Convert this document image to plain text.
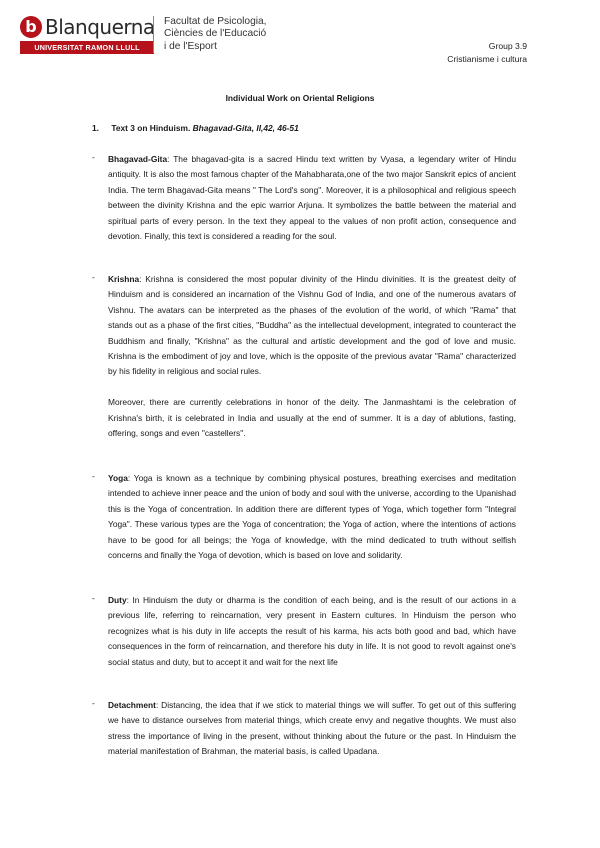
b Blanquerna
UNIVERSITAT RAMON LLULL
Facultat de Psicologia,
Ciències de l'Educació
i de l'Esport	Group 3.9
Cristianisme i cultura
Individual Work on Oriental Religions
1. Text 3 on Hinduism. Bhagavad-Gita, II,42, 46-51
- Bhagavad-Gita: The bhagavad-gita is a sacred Hindu text written by Vyasa, a legendary writer of Hindu antiquity. It is also the most famous chapter of the Mahabharata,one of the two major Sanskrit epics of ancient India. The term Bhagavad-Gita means " The Lord's song". Moreover, it is a philosophical and religious speech between the divinity Krishna and the epic warrior Arjuna. It symbolizes the battle between the material and spiritual parts of every person. In the text they appeal to the values of non profit action, consequence and devotion. Finally, this text is considered a reading for the soul.
- Krishna: Krishna is considered the most popular divinity of the Hindu divinities. It is the greatest deity of Hinduism and is considered an incarnation of the Vishnu God of India, and one of the numerous avatars of Vishnu. The avatars can be interpreted as the phases of the evolution of the world, of which "Rama" that stands out as a phase of the first cities, "Buddha" as the intellectual development, integrated to counteract the Buddhism and finally, "Krishna" as the cultural and artistic development and the god of love and music. Krishna is the embodiment of joy and love, which is the opposite of the previous avatar "Rama" characterized by his fidelity in religious and social rules.
Moreover, there are currently celebrations in honor of the deity. The Janmashtami is the celebration of Krishna's birth, it is celebrated in India and usually at the end of summer. It is a day of ablutions, fasting, offering, songs and even "castellers".
- Yoga: Yoga is known as a technique by combining physical postures, breathing exercises and meditation intended to achieve inner peace and the union of body and soul with the universe, according to the Upanishad this is the Yoga of concentration. In addition there are different types of Yoga, which together form "Integral Yoga". These various types are the Yoga of concentration; the Yoga of action, where the intentions of actions have to be good for all beings; the Yoga of knowledge, with the mind dedicated to truth without selfish concerns and finally the Yoga of devotion, which is based on love and solidarity.
- Duty: In Hinduism the duty or dharma is the condition of each being, and is the result of our actions in a previous life, referring to reincarnation, very present in Eastern cultures. In Hinduism the person who recognizes what is his duty in life accepts the result of his karma, his acts both good and bad, which have consequences in the form of reincarnation, and therefore his duty in life. It is not good to revolt against one's social status and duty, but to accept it and wait for the next life
- Detachment: Distancing, the idea that if we stick to material things we will suffer. To get out of this suffering we have to distance ourselves from material things, which create envy and negative thoughts. We must also stress the importance of living in the present, without thinking about the future or the past. In Hinduism the material manifestation of Brahman, the material basis, is called Upadana.
